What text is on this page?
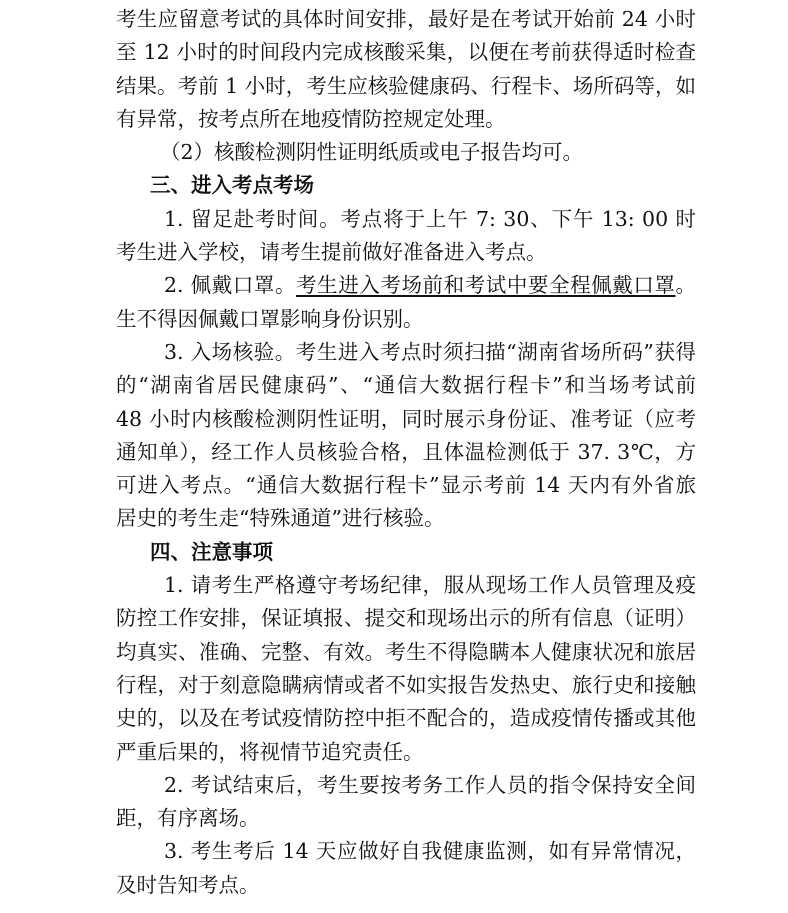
考生应留意考试的具体时间安排，最好是在考试开始前 24 小时
至 12 小时的时间段内完成核酸采集，以便在考前获得适时检查
结果。考前 1 小时，考生应核验健康码、行程卡、场所码等，如
有异常，按考点所在地疫情防控规定处理。
（2）核酸检测阴性证明纸质或电子报告均可。
三、进入考点考场
1. 留足赴考时间。考点将于上午 7: 30、下午 13: 00 时
考生进入学校，请考生提前做好准备进入考点。
2. 佩戴口罩。考生进入考场前和考试中要全程佩戴口罩。
生不得因佩戴口罩影响身份识别。
3. 入场核验。考生进入考点时须扫描“湖南省场所码”获得
的“湖南省居民健康码”、“通信大数据行程卡”和当场考试前
48 小时内核酸检测阴性证明，同时展示身份证、准考证（应考
通知单），经工作人员核验合格，且体温检测低于 37. 3℃，方
可进入考点。“通信大数据行程卡”显示考前 14 天内有外省旅
居史的考生走“特殊通道”进行核验。
四、注意事项
1. 请考生严格遵守考场纪律，服从现场工作人员管理及疫
防控工作安排，保证填报、提交和现场出示的所有信息（证明）
均真实、准确、完整、有效。考生不得隐瞒本人健康状况和旅居
行程，对于刻意隐瞒病情或者不如实报告发热史、旅行史和接触
史的，以及在考试疫情防控中拒不配合的，造成疫情传播或其他
严重后果的，将视情节追究责任。
2. 考试结束后，考生要按考务工作人员的指令保持安全间
距，有序离场。
3. 考生考后 14 天应做好自我健康监测，如有异常情况，
及时告知考点。
